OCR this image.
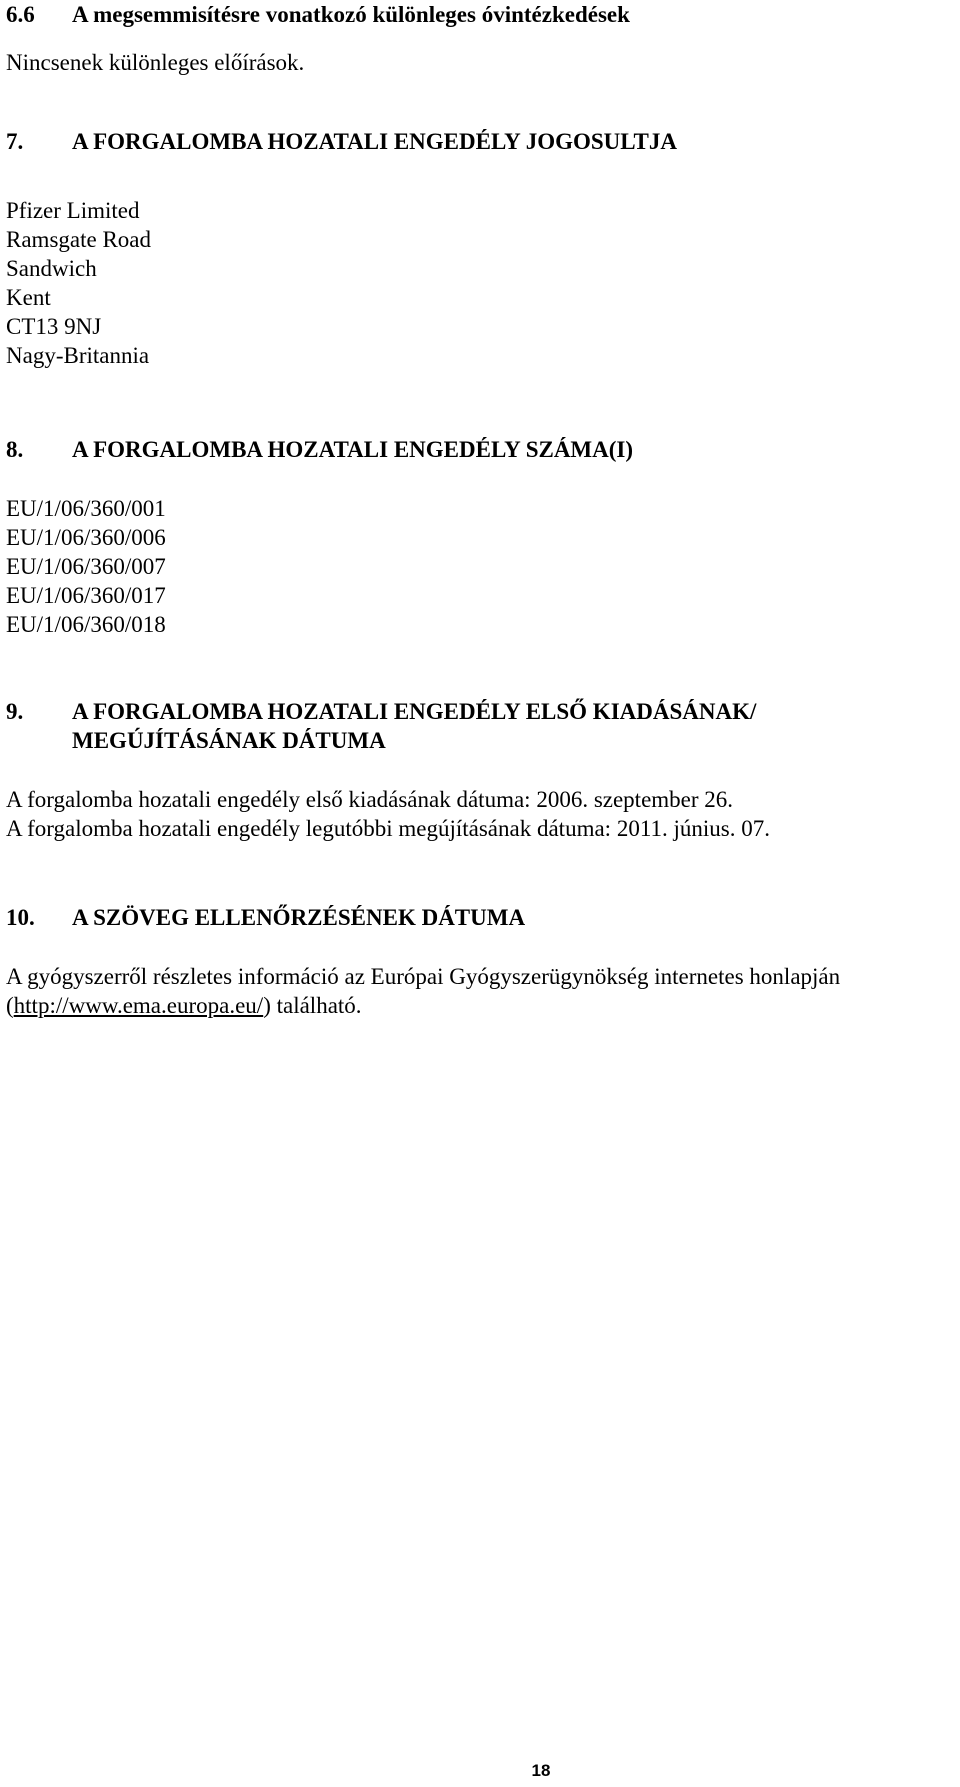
6.6 A megsemmisítésre vonatkozó különleges óvintézkedések
Nincsenek különleges előírások.
7. A FORGALOMBA HOZATALI ENGEDÉLY JOGOSULTJA
Pfizer Limited
Ramsgate Road
Sandwich
Kent
CT13 9NJ
Nagy-Britannia
8. A FORGALOMBA HOZATALI ENGEDÉLY SZÁMA(I)
EU/1/06/360/001
EU/1/06/360/006
EU/1/06/360/007
EU/1/06/360/017
EU/1/06/360/018
9. A FORGALOMBA HOZATALI ENGEDÉLY ELSŐ KIADÁSÁNAK/
MEGÚJÍTÁSÁNAK DÁTUMA
A forgalomba hozatali engedély első kiadásának dátuma: 2006. szeptember 26.
A forgalomba hozatali engedély legutóbbi megújításának dátuma: 2011. június. 07.
10. A SZÖVEG ELLENŐRZÉSÉNEK DÁTUMA
A gyógyszerről részletes információ az Európai Gyógyszerügynökség internetes honlapján
(http://www.ema.europa.eu/) található.
18
